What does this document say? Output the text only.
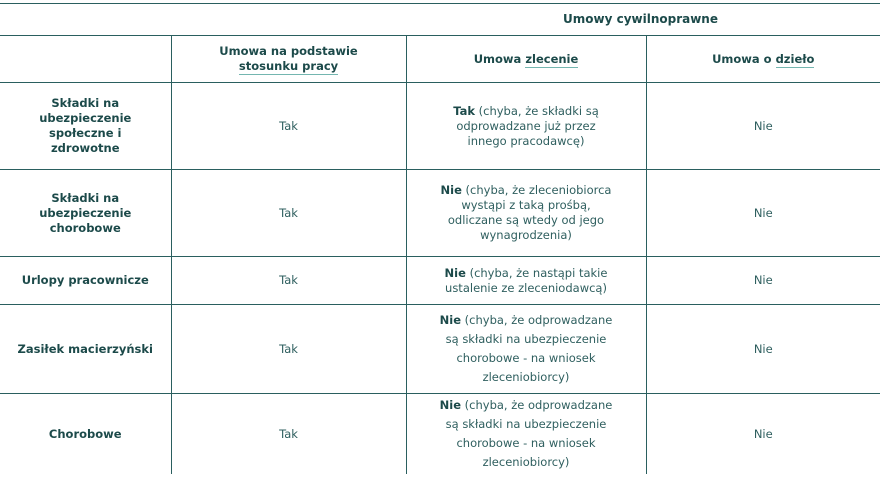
Umowy cywilnoprawne			
	Umowa na podstawie
stosunku pracy	Umowa zlecenie	Umowa o dzieło
Składki na
ubezpieczenie
społeczne i zdrowotne	Tak	Tak (chyba, że składki są
odprowadzane już przez
innego pracodawcę)	Nie
Składki na
ubezpieczenie
chorobowe	Tak	Nie (chyba, że zleceniobiorca
wystąpi z taką prośbą,
odliczane są wtedy od jego
wynagrodzenia)	Nie
Urlopy pracownicze	Tak	Nie (chyba, że nastąpi takie
ustalenie ze zleceniodawcą)	Nie
Zasiłek macierzyński	Tak	Nie (chyba, że odprowadzane
są składki na ubezpieczenie
chorobowe - na wniosek
zleceniobiorcy)	Nie
Chorobowe	Tak	Nie (chyba, że odprowadzane
są składki na ubezpieczenie
chorobowe - na wniosek
zleceniobiorcy)	Nie
